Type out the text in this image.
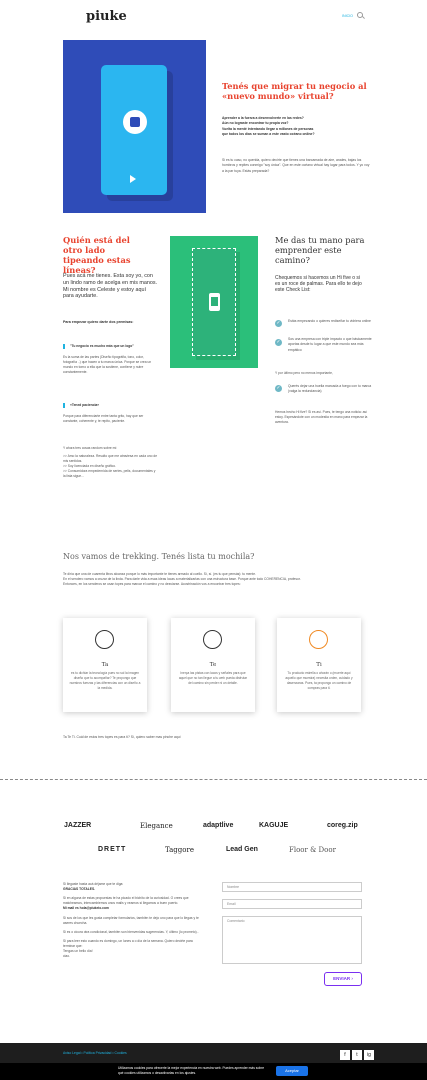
piuke	INICIO
Tenés que migrar tu negocio al «nuevo mundo» virtual?
Aprender a la fuerza a desenvolverte en las redes?
Aún no lograste encontrar tu propia voz?
Vuelta la menté intentando llegar a millones de personas
que todos los días se suman a este vasto océano online?
Si es tu caso, no querida, quiero decirte que tienes una barcamada de aire, anales, bajas los hombros y repites conmigo "soy única". Que en este océano virtual hay lugar para todos. Y yo voy a la par tuya. Estás preparada?
Quién está del otro lado tipeando estas líneas?
Pues acá me tienes. Esta soy yo, con un lindo ramo de acelga en mis manos. Mi nombre es Celeste y estoy aquí para ayudarte.
Para empezar quiero darte dos premisas:
"Tu negocio es mucho más que un logo"
Es la suma de las partes (Diseño tipográfia, tono, color, fotografía ..) que hacen a tu marca única. Porque se crea un mundo en torno a ella que la sostiene, contiene y nutre constantemente.
«Tened paciencia»
Porque para diferenciarte entre tanta grito, hay que ser constante, coherente y, te repito, paciente.
Y ahora tres cosas random sobre mí:
>> Amo la naturaleza. Resulto que me atraviesa en cada uno de mis sentidos.
>> Soy licenciada en diseño gráfico.
>> Consumidora empedernida de series, pelis, documentales y la lista sigue...
Me das tu mano para emprender este camino?
Chequemos si hacemos un Hi five o si es un roce de palmas. Para ello te dejo este Check List:
✓	Estás empezando o quieres rediseñar tu vidriera online
✓	Sos una empresa con triple impacto o que básicamente aportas desde tu lugar a que este mundo sea más empático
Y por último pero no menos importante,
✓	Querés dejar una huella marcada a fuego con tu marca (valga la redundancia)
Hemos hecho Hi five? Si es así. Pues, te tengo una noticia: así estoy. Espesándote con un modestia en mano para empezar la aventura.
Nos vamos de trekking. Tenés lista tu mochila?
Te diría que una de cuarenta litros alcanza porque lo más importante te tienes armado al cuello. Sí, sí. (es tu que pensás): tu mente.
En el sendero vamos a cruzar de la linda. Para darle vida a esas ideas locas a materializarlas con una estructura base. Porque ante todo COHERENCIA, profesor.
Entonces, en los senderos se usan topes para marcar el camino y no desviarse. Acostrinación vos a encontrar tres topes:
Ta
es tu dichiar la tecnología pues no sol la imagen diseño que tu acompañar? Te propongo que nuestros fuerzas y las diferencias con un diseño a la medida.
Te
Inerça las pistas con lacos y señales para que aquel que no tan llegue a tu web pueda disfrutar del camino sin perder ni un detalle.
Ti
Tu producto estrella o ahorán o (muerte aquí aquello que muestra) necesita orden, cuidado y dasenzaras. Pues, ta propongo un camino de compras para ti.
Ta Te Ti. Cuál de estos tres topes es para ti? Sí, quiero saber mas pinche aquí
JAZZER	Elegance	adaptlive	KAGUJE	coreg.zip
DRETT	Taggore	Lead Gen	Floor & Door
Si llegaste hasta acá déjame que te diga:
GRACIAS TOTALES.
Si en alguna de estas propuestas te ha picado el bichito de la curiosidad. O crees que matcheamos, intercambiemos unos mails y veamos si llegamos a buen puerto.
Mi mail es hola@piukeio.com
Si sos de los que les gusta completar formularios, también te dejo uno para que lo llegas y te aseres chuecha.
Si es o cicura otra condicional, también son bienvenidas sugerencias. Y, último (lo prometo)..
Si para leer esto cuando es domingo, un lunes a o día de la semana. Quiero decirte para terminar que:
Tengas un bello día!
ciao.
Nombre
Email
Comentario
ENVIAR ›
Aviso Legal • Política Privacidad • Cookies	f	t	ig
Utilizamos cookies para ofrecerte la mejor experiencia en nuestra web. Puedes aprender más sobre qué cookies utilizamos o desactivarlas en los ajustes.
Aceptar
